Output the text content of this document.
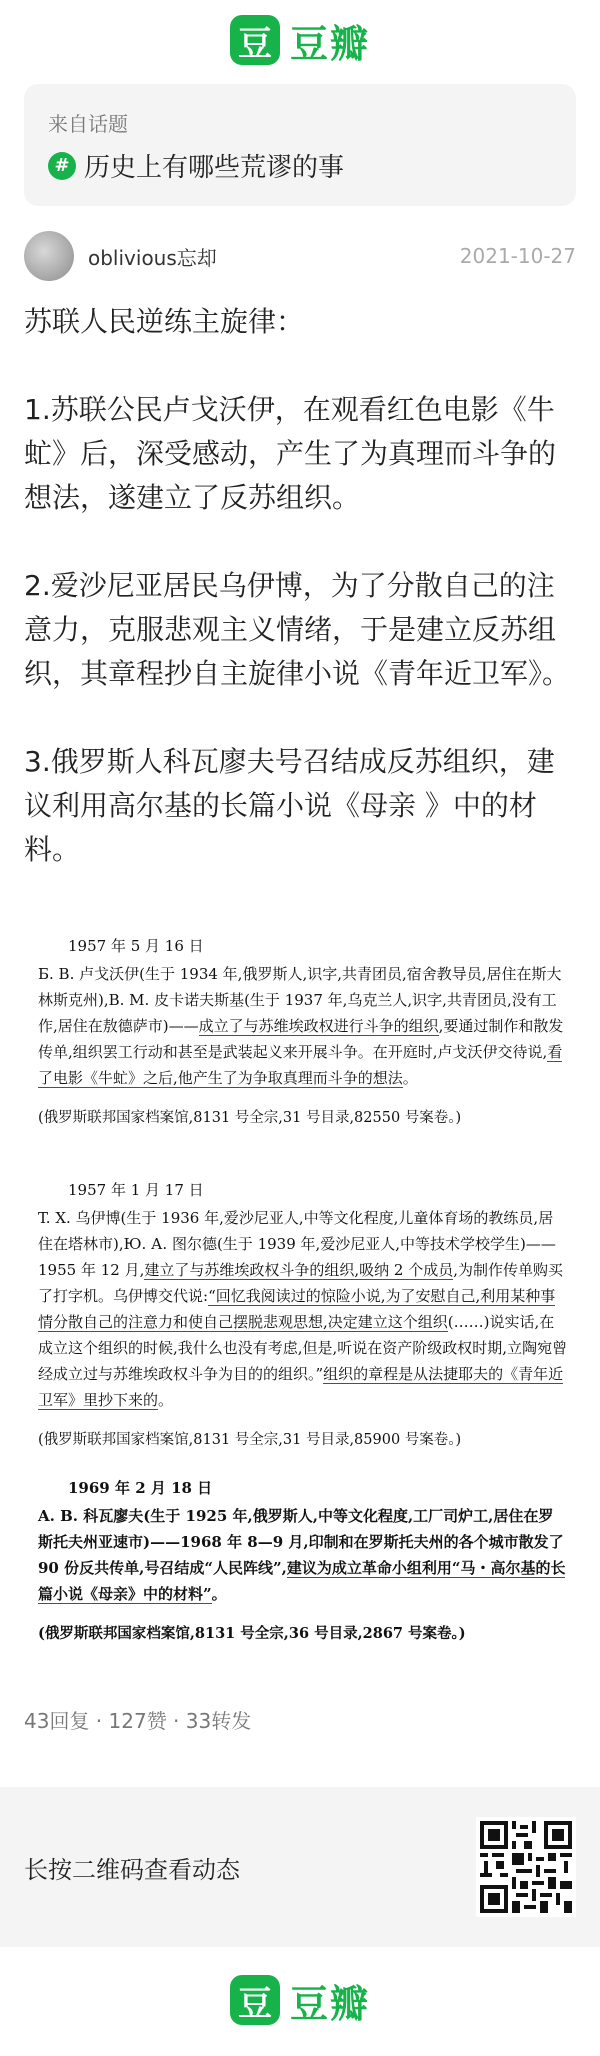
豆 豆瓣
来自话题
# 历史上有哪些荒谬的事
oblivious忘却	2021-10-27

苏联人民逆练主旋律：

1.苏联公民卢戈沃伊，在观看红色电影《牛虻》后，深受感动，产生了为真理而斗争的想法，遂建立了反苏组织。

2.爱沙尼亚居民乌伊博，为了分散自己的注意力，克服悲观主义情绪，于是建立反苏组织，其章程抄自主旋律小说《青年近卫军》。

3.俄罗斯人科瓦廖夫号召结成反苏组织，建议利用高尔基的长篇小说《母亲 》中的材料。

1957 年 5 月 16 日
Б. В. 卢戈沃伊(生于 1934 年,俄罗斯人,识字,共青团员,宿舍教导员,居住在斯大林斯克州),В. М. 皮卡诺夫斯基(生于 1937 年,乌克兰人,识字,共青团员,没有工作,居住在敖德萨市)——成立了与苏维埃政权进行斗争的组织,要通过制作和散发传单,组织罢工行动和甚至是武装起义来开展斗争。在开庭时,卢戈沃伊交待说,看了电影《牛虻》之后,他产生了为争取真理而斗争的想法。
(俄罗斯联邦国家档案馆,8131 号全宗,31 号目录,82550 号案卷。)
1957 年 1 月 17 日
T. X. 乌伊博(生于 1936 年,爱沙尼亚人,中等文化程度,儿童体育场的教练员,居住在塔林市),Ю. А. 图尔德(生于 1939 年,爱沙尼亚人,中等技术学校学生)——1955 年 12 月,建立了与苏维埃政权斗争的组织,吸纳 2 个成员,为制作传单购买了打字机。乌伊博交代说:“回忆我阅读过的惊险小说,为了安慰自己,利用某种事情分散自己的注意力和使自己摆脱悲观思想,决定建立这个组织(……)说实话,在成立这个组织的时候,我什么也没有考虑,但是,听说在资产阶级政权时期,立陶宛曾经成立过与苏维埃政权斗争为目的的组织。”组织的章程是从法捷耶夫的《青年近卫军》里抄下来的。
(俄罗斯联邦国家档案馆,8131 号全宗,31 号目录,85900 号案卷。)
1969 年 2 月 18 日
A. B. 科瓦廖夫(生于 1925 年,俄罗斯人,中等文化程度,工厂司炉工,居住在罗斯托夫州亚速市)——1968 年 8—9 月,印制和在罗斯托夫州的各个城市散发了 90 份反共传单,号召结成“人民阵线”,建议为成立革命小组利用“马・高尔基的长篇小说《母亲》中的材料”。
(俄罗斯联邦国家档案馆,8131 号全宗,36 号目录,2867 号案卷。)
43回复 · 127赞 · 33转发
长按二维码查看动态
豆 豆瓣
